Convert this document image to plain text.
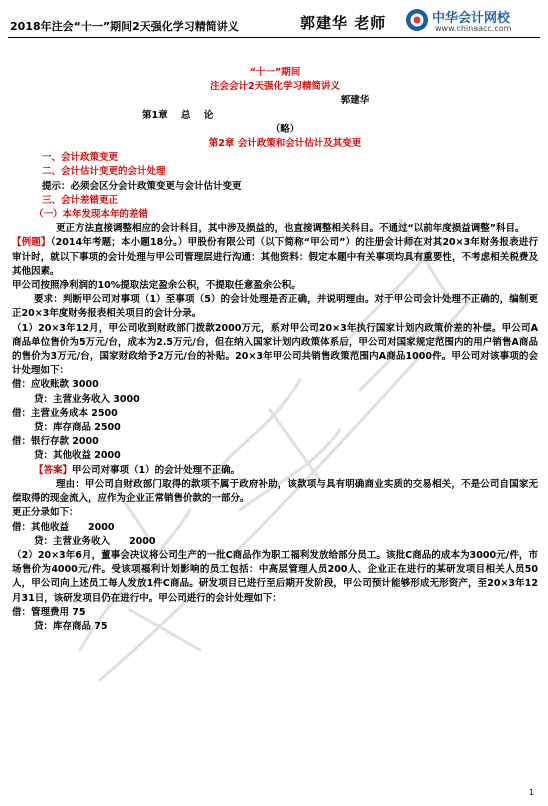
2018年注会“十一”期间2天强化学习精简讲义	郭建华 老师	中华会计网校
www.chinaacc.com

“十一”期间

注会会计2天强化学习精简讲义

郭建华

第1章 总 论

（略）

第2章 会计政策和会计估计及其变更

一、会计政策变更

二、会计估计变更的会计处理

提示：必须会区分会计政策变更与会计估计变更

三、会计差错更正

（一）本年发现本年的差错

更正方法直接调整相应的会计科目，其中涉及损益的，也直接调整相关科目。不通过“以前年度损益调整”科目。

【例题】（2014年考题；本小题18分。）甲股份有限公司（以下简称“甲公司”）的注册会计师在对其20×3年财务报表进行审计时，就以下事项的会计处理与甲公司管理层进行沟通：其他资料：假定本题中有关事项均具有重要性，不考虑相关税费及其他因素。

甲公司按照净利润的10%提取法定盈余公积，不提取任意盈余公积。

要求：判断甲公司对事项（1）至事项（5）的会计处理是否正确，并说明理由。对于甲公司会计处理不正确的，编制更正20×3年度财务报表相关项目的会计分录。

（1）20×3年12月，甲公司收到财政部门拨款2000万元，系对甲公司20×3年执行国家计划内政策价差的补偿。甲公司A商品单位售价为5万元/台，成本为2.5万元/台，但在纳入国家计划内政策体系后，甲公司对国家规定范围内的用户销售A商品的售价为3万元/台，国家财政给予2万元/台的补贴。20×3年甲公司共销售政策范围内A商品1000件。甲公司对该事项的会计处理如下：

借：应收账款 3000

贷：主营业务收入 3000

借：主营业务成本 2500

贷：库存商品 2500

借：银行存款 2000

贷：其他收益 2000

【答案】甲公司对事项（1）的会计处理不正确。

理由：甲公司自财政部门取得的款项不属于政府补助，该款项与具有明确商业实质的交易相关，不是公司自国家无偿取得的现金流入，应作为企业正常销售价款的一部分。

更正分录如下：

借：其他收益　　2000

贷：主营业务收入　　2000

（2）20×3年6月，董事会决议将公司生产的一批C商品作为职工福利发放给部分员工。该批C商品的成本为3000元/件，市场售价为4000元/件。受该项福利计划影响的员工包括：中高层管理人员200人、企业正在进行的某研发项目相关人员50人，甲公司向上述员工每人发放1件C商品。研发项目已进行至后期开发阶段，甲公司预计能够形成无形资产，至20×3年12月31日，该研发项目仍在进行中。甲公司进行的会计处理如下：

借：管理费用 75

贷：库存商品 75

1
